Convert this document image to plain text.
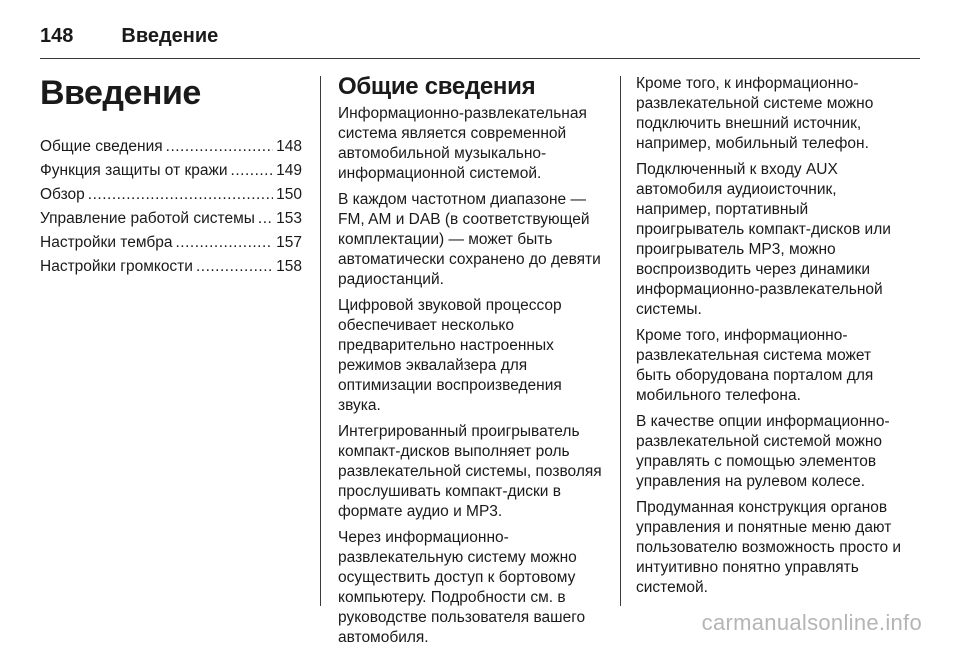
148 Введение
Введение
Общие сведения .....	148
Функция защиты от кражи .....	149
Обзор .....	150
Управление работой системы ..... 153
Настройки тембра .....	157
Настройки громкости .....	158
Общие сведения

Информационно-развлекательная система является современной автомобильной музыкально-информационной системой.

В каждом частотном диапазоне — FM, AM и DAB (в соответствующей комплектации) — может быть автоматически сохранено до девяти радиостанций.

Цифровой звуковой процессор обеспечивает несколько предварительно настроенных режимов эквалайзера для оптимизации воспроизведения звука.

Интегрированный проигрыватель компакт-дисков выполняет роль развлекательной системы, позволяя прослушивать компакт-диски в формате аудио и MP3.

Через информационно-развлекательную систему можно осуществить доступ к бортовому компьютеру. Подробности см. в руководстве пользователя вашего автомобиля.

Кроме того, к информационно-развлекательной системе можно подключить внешний источник, например, мобильный телефон.

Подключенный к входу AUX автомобиля аудиоисточник, например, портативный проигрыватель компакт-дисков или проигрыватель MP3, можно воспроизводить через динамики информационно-развлекательной системы.

Кроме того, информационно-развлекательная система может быть оборудована порталом для мобильного телефона.

В качестве опции информационно-развлекательной системой можно управлять с помощью элементов управления на рулевом колесе.

Продуманная конструкция органов управления и понятные меню дают пользователю возможность просто и интуитивно понятно управлять системой.

carmanualsonline.info
